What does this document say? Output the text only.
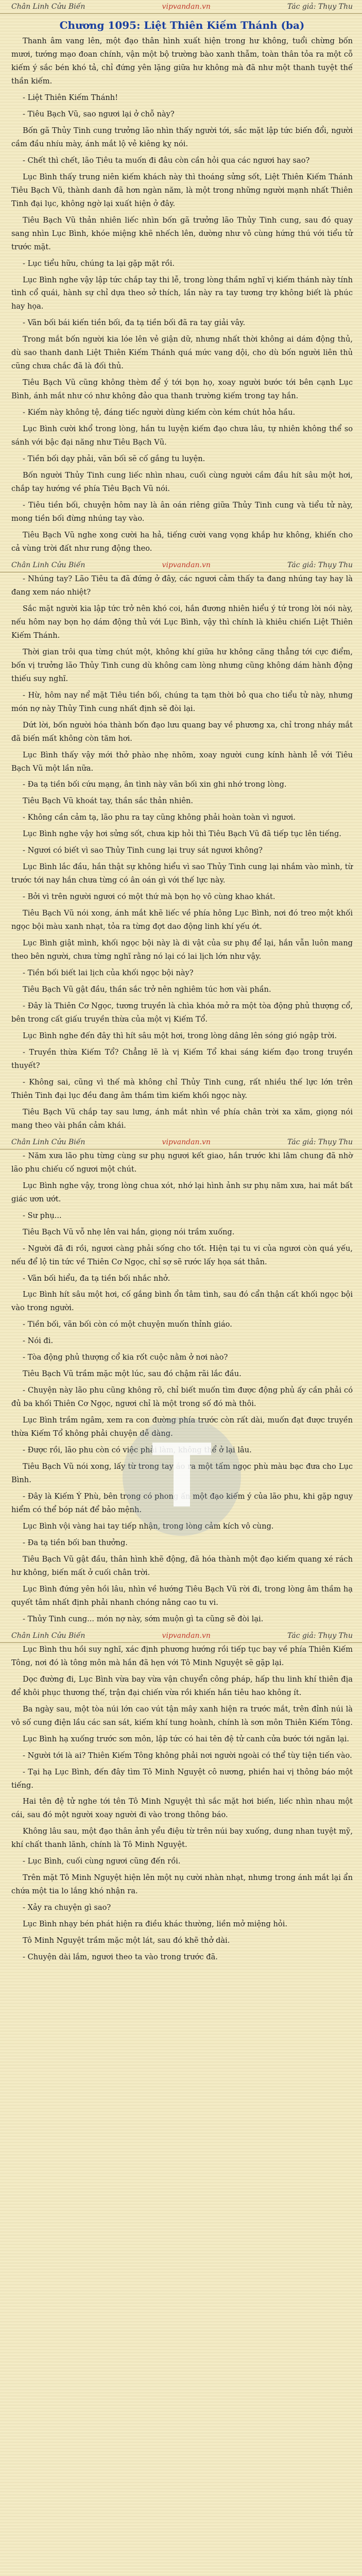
Chân Linh Cửu Biến	vipvandan.vn	Tác giả: Thụy Thu
Chương 1095: Liệt Thiên Kiếm Thánh (ba)

Thanh âm vang lên, một đạo thân hình xuất hiện trong hư không, tuổi chừng bốn mươi, tướng mạo đoan chính, vận một bộ trường bào xanh thẫm, toàn thân tỏa ra một cỗ kiếm ý sắc bén khó tả, chỉ đứng yên lặng giữa hư không mà đã như một thanh tuyệt thế thần kiếm.

- Liệt Thiên Kiếm Thánh!

- Tiêu Bạch Vũ, sao ngươi lại ở chỗ này?

Bốn gã Thủy Tinh cung trưởng lão nhìn thấy người tới, sắc mặt lập tức biến đổi, người cầm đầu nhíu mày, ánh mắt lộ vẻ kiêng kỵ nói.

- Chết thì chết, lão Tiêu ta muốn đi đâu còn cần hỏi qua các ngươi hay sao?

Lục Bình thấy trung niên kiếm khách này thì thoáng sửng sốt, Liệt Thiên Kiếm Thánh Tiêu Bạch Vũ, thành danh đã hơn ngàn năm, là một trong những người mạnh nhất Thiên Tinh đại lục, không ngờ lại xuất hiện ở đây.

Tiêu Bạch Vũ thản nhiên liếc nhìn bốn gã trưởng lão Thủy Tinh cung, sau đó quay sang nhìn Lục Bình, khóe miệng khẽ nhếch lên, dường như vô cùng hứng thú với tiểu tử trước mặt.

- Lục tiểu hữu, chúng ta lại gặp mặt rồi.

Lục Bình nghe vậy lập tức chắp tay thi lễ, trong lòng thầm nghĩ vị kiếm thánh này tính tình cổ quái, hành sự chỉ dựa theo sở thích, lần này ra tay tương trợ không biết là phúc hay họa.

- Vãn bối bái kiến tiền bối, đa tạ tiền bối đã ra tay giải vây.

Trong mắt bốn người kia lóe lên vẻ giận dữ, nhưng nhất thời không ai dám động thủ, dù sao thanh danh Liệt Thiên Kiếm Thánh quá mức vang dội, cho dù bốn người liên thủ cũng chưa chắc đã là đối thủ.

Tiêu Bạch Vũ cũng không thèm để ý tới bọn họ, xoay người bước tới bên cạnh Lục Bình, ánh mắt như có như không đảo qua thanh trường kiếm trong tay hắn.

- Kiếm này không tệ, đáng tiếc người dùng kiếm còn kém chút hỏa hầu.

Lục Bình cười khổ trong lòng, hắn tu luyện kiếm đạo chưa lâu, tự nhiên không thể so sánh với bậc đại năng như Tiêu Bạch Vũ.

- Tiền bối dạy phải, vãn bối sẽ cố gắng tu luyện.

Bốn người Thủy Tinh cung liếc nhìn nhau, cuối cùng người cầm đầu hít sâu một hơi, chắp tay hướng về phía Tiêu Bạch Vũ nói.

- Tiêu tiền bối, chuyện hôm nay là ân oán riêng giữa Thủy Tinh cung và tiểu tử này, mong tiền bối đừng nhúng tay vào.

Tiêu Bạch Vũ nghe xong cười ha hả, tiếng cười vang vọng khắp hư không, khiến cho cả vùng trời đất như rung động theo.

Chân Linh Cửu Biến	vipvandan.vn	Tác giả: Thụy Thu

- Nhúng tay? Lão Tiêu ta đã đứng ở đây, các ngươi cảm thấy ta đang nhúng tay hay là đang xem náo nhiệt?

Sắc mặt người kia lập tức trở nên khó coi, hắn đương nhiên hiểu ý tứ trong lời nói này, nếu hôm nay bọn họ dám động thủ với Lục Bình, vậy thì chính là khiêu chiến Liệt Thiên Kiếm Thánh.

Thời gian trôi qua từng chút một, không khí giữa hư không căng thẳng tới cực điểm, bốn vị trưởng lão Thủy Tinh cung dù không cam lòng nhưng cũng không dám hành động thiếu suy nghĩ.

- Hừ, hôm nay nể mặt Tiêu tiền bối, chúng ta tạm thời bỏ qua cho tiểu tử này, nhưng món nợ này Thủy Tinh cung nhất định sẽ đòi lại.

Dứt lời, bốn người hóa thành bốn đạo lưu quang bay về phương xa, chỉ trong nháy mắt đã biến mất không còn tăm hơi.

Lục Bình thấy vậy mới thở phào nhẹ nhõm, xoay người cung kính hành lễ với Tiêu Bạch Vũ một lần nữa.

- Đa tạ tiền bối cứu mạng, ân tình này vãn bối xin ghi nhớ trong lòng.

Tiêu Bạch Vũ khoát tay, thần sắc thản nhiên.

- Không cần cảm tạ, lão phu ra tay cũng không phải hoàn toàn vì ngươi.

Lục Bình nghe vậy hơi sửng sốt, chưa kịp hỏi thì Tiêu Bạch Vũ đã tiếp tục lên tiếng.

- Ngươi có biết vì sao Thủy Tinh cung lại truy sát ngươi không?

Lục Bình lắc đầu, hắn thật sự không hiểu vì sao Thủy Tinh cung lại nhắm vào mình, từ trước tới nay hắn chưa từng có ân oán gì với thế lực này.

- Bởi vì trên người ngươi có một thứ mà bọn họ vô cùng khao khát.

Tiêu Bạch Vũ nói xong, ánh mắt khẽ liếc về phía hông Lục Bình, nơi đó treo một khối ngọc bội màu xanh nhạt, tỏa ra từng đợt dao động linh khí yếu ớt.

Lục Bình giật mình, khối ngọc bội này là di vật của sư phụ để lại, hắn vẫn luôn mang theo bên người, chưa từng nghĩ rằng nó lại có lai lịch lớn như vậy.

- Tiền bối biết lai lịch của khối ngọc bội này?

Tiêu Bạch Vũ gật đầu, thần sắc trở nên nghiêm túc hơn vài phần.

- Đây là Thiên Cơ Ngọc, tương truyền là chìa khóa mở ra một tòa động phủ thượng cổ, bên trong cất giấu truyền thừa của một vị Kiếm Tổ.

Lục Bình nghe đến đây thì hít sâu một hơi, trong lòng dâng lên sóng gió ngập trời.

- Truyền thừa Kiếm Tổ? Chẳng lẽ là vị Kiếm Tổ khai sáng kiếm đạo trong truyền thuyết?

- Không sai, cũng vì thế mà không chỉ Thủy Tinh cung, rất nhiều thế lực lớn trên Thiên Tinh đại lục đều đang âm thầm tìm kiếm khối ngọc này.

Tiêu Bạch Vũ chắp tay sau lưng, ánh mắt nhìn về phía chân trời xa xăm, giọng nói mang theo vài phần cảm khái.

Chân Linh Cửu Biến	vipvandan.vn	Tác giả: Thụy Thu
T

- Năm xưa lão phu từng cùng sư phụ ngươi kết giao, hắn trước khi lâm chung đã nhờ lão phu chiếu cố ngươi một chút.

Lục Bình nghe vậy, trong lòng chua xót, nhớ lại hình ảnh sư phụ năm xưa, hai mắt bất giác ươn ướt.

- Sư phụ...

Tiêu Bạch Vũ vỗ nhẹ lên vai hắn, giọng nói trầm xuống.

- Người đã đi rồi, ngươi càng phải sống cho tốt. Hiện tại tu vi của ngươi còn quá yếu, nếu để lộ tin tức về Thiên Cơ Ngọc, chỉ sợ sẽ rước lấy họa sát thân.

- Vãn bối hiểu, đa tạ tiền bối nhắc nhở.

Lục Bình hít sâu một hơi, cố gắng bình ổn tâm tình, sau đó cẩn thận cất khối ngọc bội vào trong người.

- Tiền bối, vãn bối còn có một chuyện muốn thỉnh giáo.

- Nói đi.

- Tòa động phủ thượng cổ kia rốt cuộc nằm ở nơi nào?

Tiêu Bạch Vũ trầm mặc một lúc, sau đó chậm rãi lắc đầu.

- Chuyện này lão phu cũng không rõ, chỉ biết muốn tìm được động phủ ấy cần phải có đủ ba khối Thiên Cơ Ngọc, ngươi chỉ là một trong số đó mà thôi.

Lục Bình trầm ngâm, xem ra con đường phía trước còn rất dài, muốn đạt được truyền thừa Kiếm Tổ không phải chuyện dễ dàng.

- Được rồi, lão phu còn có việc phải làm, không thể ở lại lâu.

Tiêu Bạch Vũ nói xong, lấy từ trong tay áo ra một tấm ngọc phù màu bạc đưa cho Lục Bình.

- Đây là Kiếm Ý Phù, bên trong có phong ấn một đạo kiếm ý của lão phu, khi gặp nguy hiểm có thể bóp nát để bảo mệnh.

Lục Bình vội vàng hai tay tiếp nhận, trong lòng cảm kích vô cùng.

- Đa tạ tiền bối ban thưởng.

Tiêu Bạch Vũ gật đầu, thân hình khẽ động, đã hóa thành một đạo kiếm quang xé rách hư không, biến mất ở cuối chân trời.

Lục Bình đứng yên hồi lâu, nhìn về hướng Tiêu Bạch Vũ rời đi, trong lòng âm thầm hạ quyết tâm nhất định phải nhanh chóng nâng cao tu vi.

- Thủy Tinh cung... món nợ này, sớm muộn gì ta cũng sẽ đòi lại.

Chân Linh Cửu Biến	vipvandan.vn	Tác giả: Thụy Thu

Lục Bình thu hồi suy nghĩ, xác định phương hướng rồi tiếp tục bay về phía Thiên Kiếm Tông, nơi đó là tông môn mà hắn đã hẹn với Tô Minh Nguyệt sẽ gặp lại.

Dọc đường đi, Lục Bình vừa bay vừa vận chuyển công pháp, hấp thu linh khí thiên địa để khôi phục thương thế, trận đại chiến vừa rồi khiến hắn tiêu hao không ít.

Ba ngày sau, một tòa núi lớn cao vút tận mây xanh hiện ra trước mắt, trên đỉnh núi là vô số cung điện lầu các san sát, kiếm khí tung hoành, chính là sơn môn Thiên Kiếm Tông.

Lục Bình hạ xuống trước sơn môn, lập tức có hai tên đệ tử canh cửa bước tới ngăn lại.

- Người tới là ai? Thiên Kiếm Tông không phải nơi người ngoài có thể tùy tiện tiến vào.

- Tại hạ Lục Bình, đến đây tìm Tô Minh Nguyệt cô nương, phiền hai vị thông báo một tiếng.

Hai tên đệ tử nghe tới tên Tô Minh Nguyệt thì sắc mặt hơi biến, liếc nhìn nhau một cái, sau đó một người xoay người đi vào trong thông báo.

Không lâu sau, một đạo thân ảnh yểu điệu từ trên núi bay xuống, dung nhan tuyệt mỹ, khí chất thanh lãnh, chính là Tô Minh Nguyệt.

- Lục Bình, cuối cùng ngươi cũng đến rồi.

Trên mặt Tô Minh Nguyệt hiện lên một nụ cười nhàn nhạt, nhưng trong ánh mắt lại ẩn chứa một tia lo lắng khó nhận ra.

- Xảy ra chuyện gì sao?

Lục Bình nhạy bén phát hiện ra điều khác thường, liền mở miệng hỏi.

Tô Minh Nguyệt trầm mặc một lát, sau đó khẽ thở dài.

- Chuyện dài lắm, ngươi theo ta vào trong trước đã.
